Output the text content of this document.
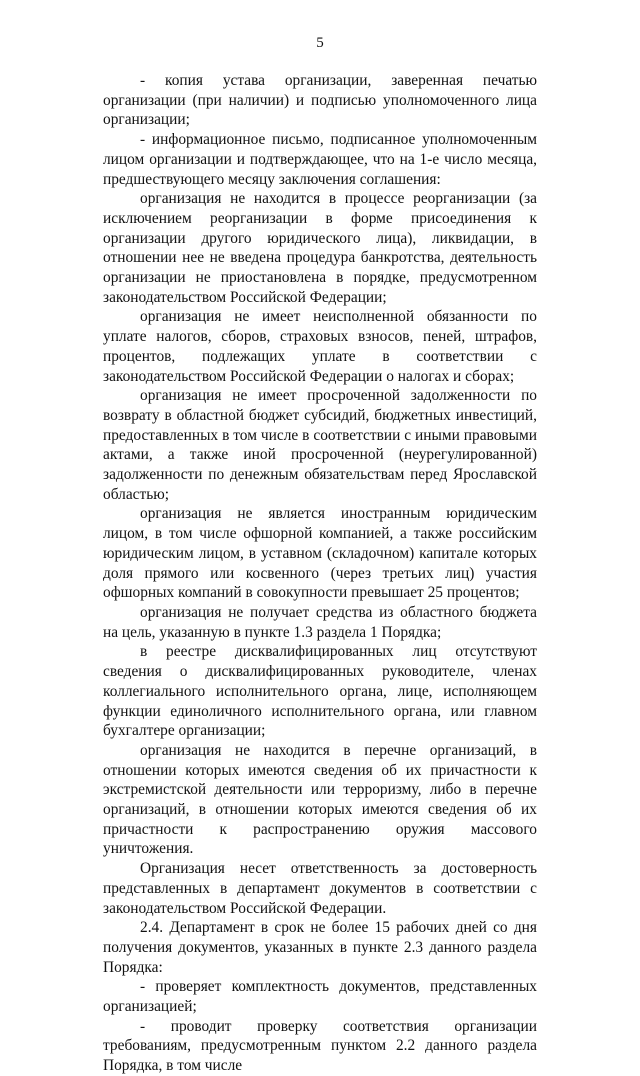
5

- копия устава организации, заверенная печатью организации (при наличии) и подписью уполномоченного лица организации;

- информационное письмо, подписанное уполномоченным лицом организации и подтверждающее, что на 1-е число месяца, предшествующего месяцу заключения соглашения:

организация не находится в процессе реорганизации (за исключением реорганизации в форме присоединения к организации другого юридического лица), ликвидации, в отношении нее не введена процедура банкротства, деятельность организации не приостановлена в порядке, предусмотренном законодательством Российской Федерации;

организация не имеет неисполненной обязанности по уплате налогов, сборов, страховых взносов, пеней, штрафов, процентов, подлежащих уплате в соответствии с законодательством Российской Федерации о налогах и сборах;

организация не имеет просроченной задолженности по возврату в областной бюджет субсидий, бюджетных инвестиций, предоставленных в том числе в соответствии с иными правовыми актами, а также иной просроченной (неурегулированной) задолженности по денежным обязательствам перед Ярославской областью;

организация не является иностранным юридическим лицом, в том числе офшорной компанией, а также российским юридическим лицом, в уставном (складочном) капитале которых доля прямого или косвенного (через третьих лиц) участия офшорных компаний в совокупности превышает 25 процентов;

организация не получает средства из областного бюджета на цель, указанную в пункте 1.3 раздела 1 Порядка;

в реестре дисквалифицированных лиц отсутствуют сведения о дисквалифицированных руководителе, членах коллегиального исполнительного органа, лице, исполняющем функции единоличного исполнительного органа, или главном бухгалтере организации;

организация не находится в перечне организаций, в отношении которых имеются сведения об их причастности к экстремистской деятельности или терроризму, либо в перечне организаций, в отношении которых имеются сведения об их причастности к распространению оружия массового уничтожения.

Организация несет ответственность за достоверность представленных в департамент документов в соответствии с законодательством Российской Федерации.

2.4. Департамент в срок не более 15 рабочих дней со дня получения документов, указанных в пункте 2.3 данного раздела Порядка:

- проверяет комплектность документов, представленных организацией;

- проводит проверку соответствия организации требованиям, предусмотренным пунктом 2.2 данного раздела Порядка, в том числе
